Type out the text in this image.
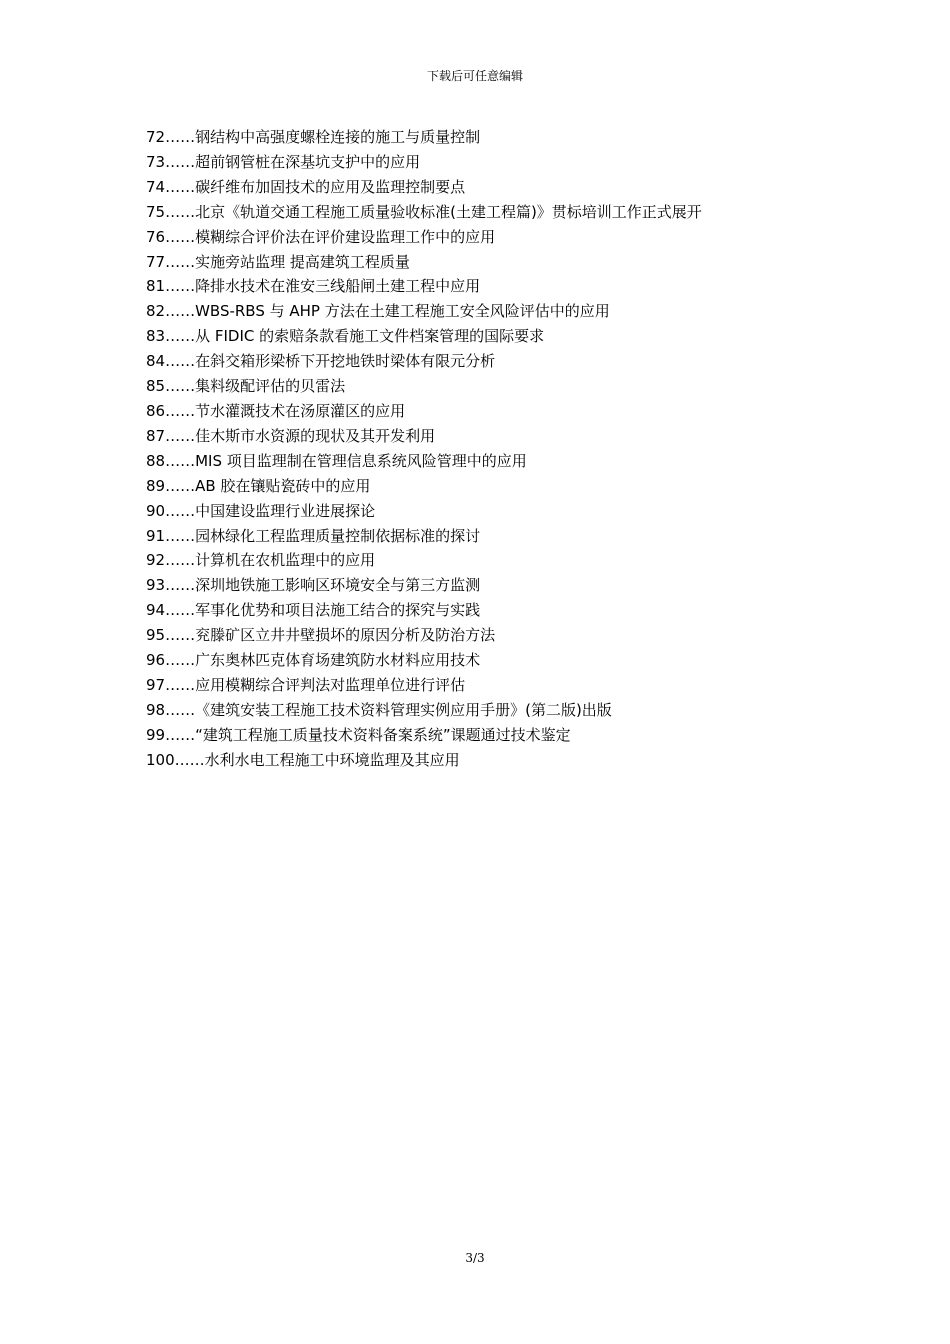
下载后可任意编辑
72……钢结构中高强度螺栓连接的施工与质量控制
73……超前钢管桩在深基坑支护中的应用
74……碳纤维布加固技术的应用及监理控制要点
75……北京《轨道交通工程施工质量验收标准(土建工程篇)》贯标培训工作正式展开
76……模糊综合评价法在评价建设监理工作中的应用
77……实施旁站监理 提高建筑工程质量
81……降排水技术在淮安三线船闸土建工程中应用
82……WBS-RBS 与 AHP 方法在土建工程施工安全风险评估中的应用
83……从 FIDIC 的索赔条款看施工文件档案管理的国际要求
84……在斜交箱形梁桥下开挖地铁时梁体有限元分析
85……集料级配评估的贝雷法
86……节水灌溉技术在汤原灌区的应用
87……佳木斯市水资源的现状及其开发利用
88……MIS 项目监理制在管理信息系统风险管理中的应用
89……AB 胶在镶贴瓷砖中的应用
90……中国建设监理行业进展探论
91……园林绿化工程监理质量控制依据标准的探讨
92……计算机在农机监理中的应用
93……深圳地铁施工影响区环境安全与第三方监测
94……军事化优势和项目法施工结合的探究与实践
95……兖滕矿区立井井壁损坏的原因分析及防治方法
96……广东奥林匹克体育场建筑防水材料应用技术
97……应用模糊综合评判法对监理单位进行评估
98……《建筑安装工程施工技术资料管理实例应用手册》(第二版)出版
99……“建筑工程施工质量技术资料备案系统”课题通过技术鉴定
100……水利水电工程施工中环境监理及其应用
3/3
